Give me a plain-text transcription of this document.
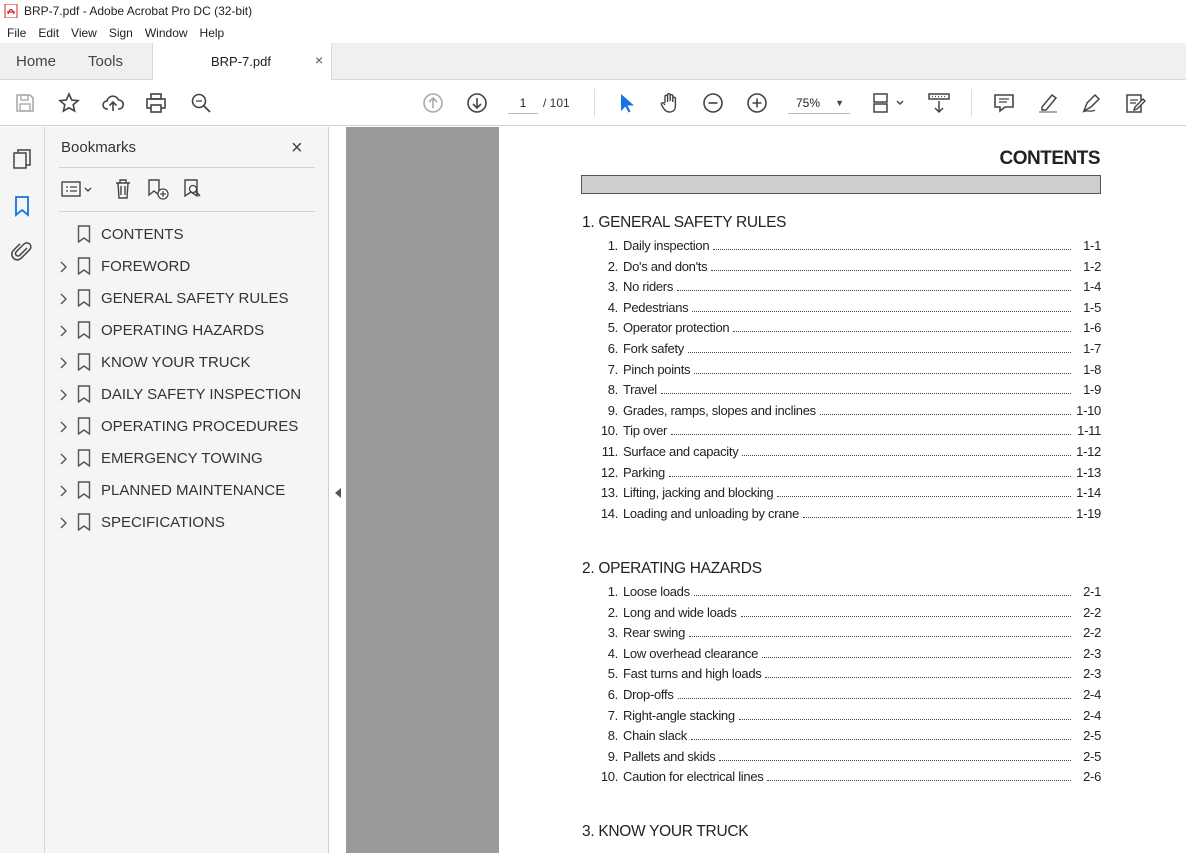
BRP-7.pdf - Adobe Acrobat Pro DC (32-bit)
File	Edit	View	Sign	Window	Help
Home Tools	BRP-7.pdf	×
1	/ 101	75% ▼
Bookmarks	×
CONTENTS
FOREWORD
GENERAL SAFETY RULES
OPERATING HAZARDS
KNOW YOUR TRUCK
DAILY SAFETY INSPECTION
OPERATING PROCEDURES
EMERGENCY TOWING
PLANNED MAINTENANCE
SPECIFICATIONS
CONTENTS
1. GENERAL SAFETY RULES
1. Daily inspection	1-1
2. Do's and don'ts	1-2
3. No riders	1-4
4. Pedestrians	1-5
5. Operator protection	1-6
6. Fork safety	1-7
7. Pinch points	1-8
8. Travel	1-9
9. Grades, ramps, slopes and inclines	1-10
10. Tip over	1-11
11. Surface and capacity	1-12
12. Parking	1-13
13. Lifting, jacking and blocking	1-14
14. Loading and unloading by crane	1-19
2. OPERATING HAZARDS
1. Loose loads	2-1
2. Long and wide loads	2-2
3. Rear swing	2-2
4. Low overhead clearance	2-3
5. Fast turns and high loads	2-3
6. Drop-offs	2-4
7. Right-angle stacking	2-4
8. Chain slack	2-5
9. Pallets and skids	2-5
10. Caution for electrical lines	2-6
3. KNOW YOUR TRUCK
